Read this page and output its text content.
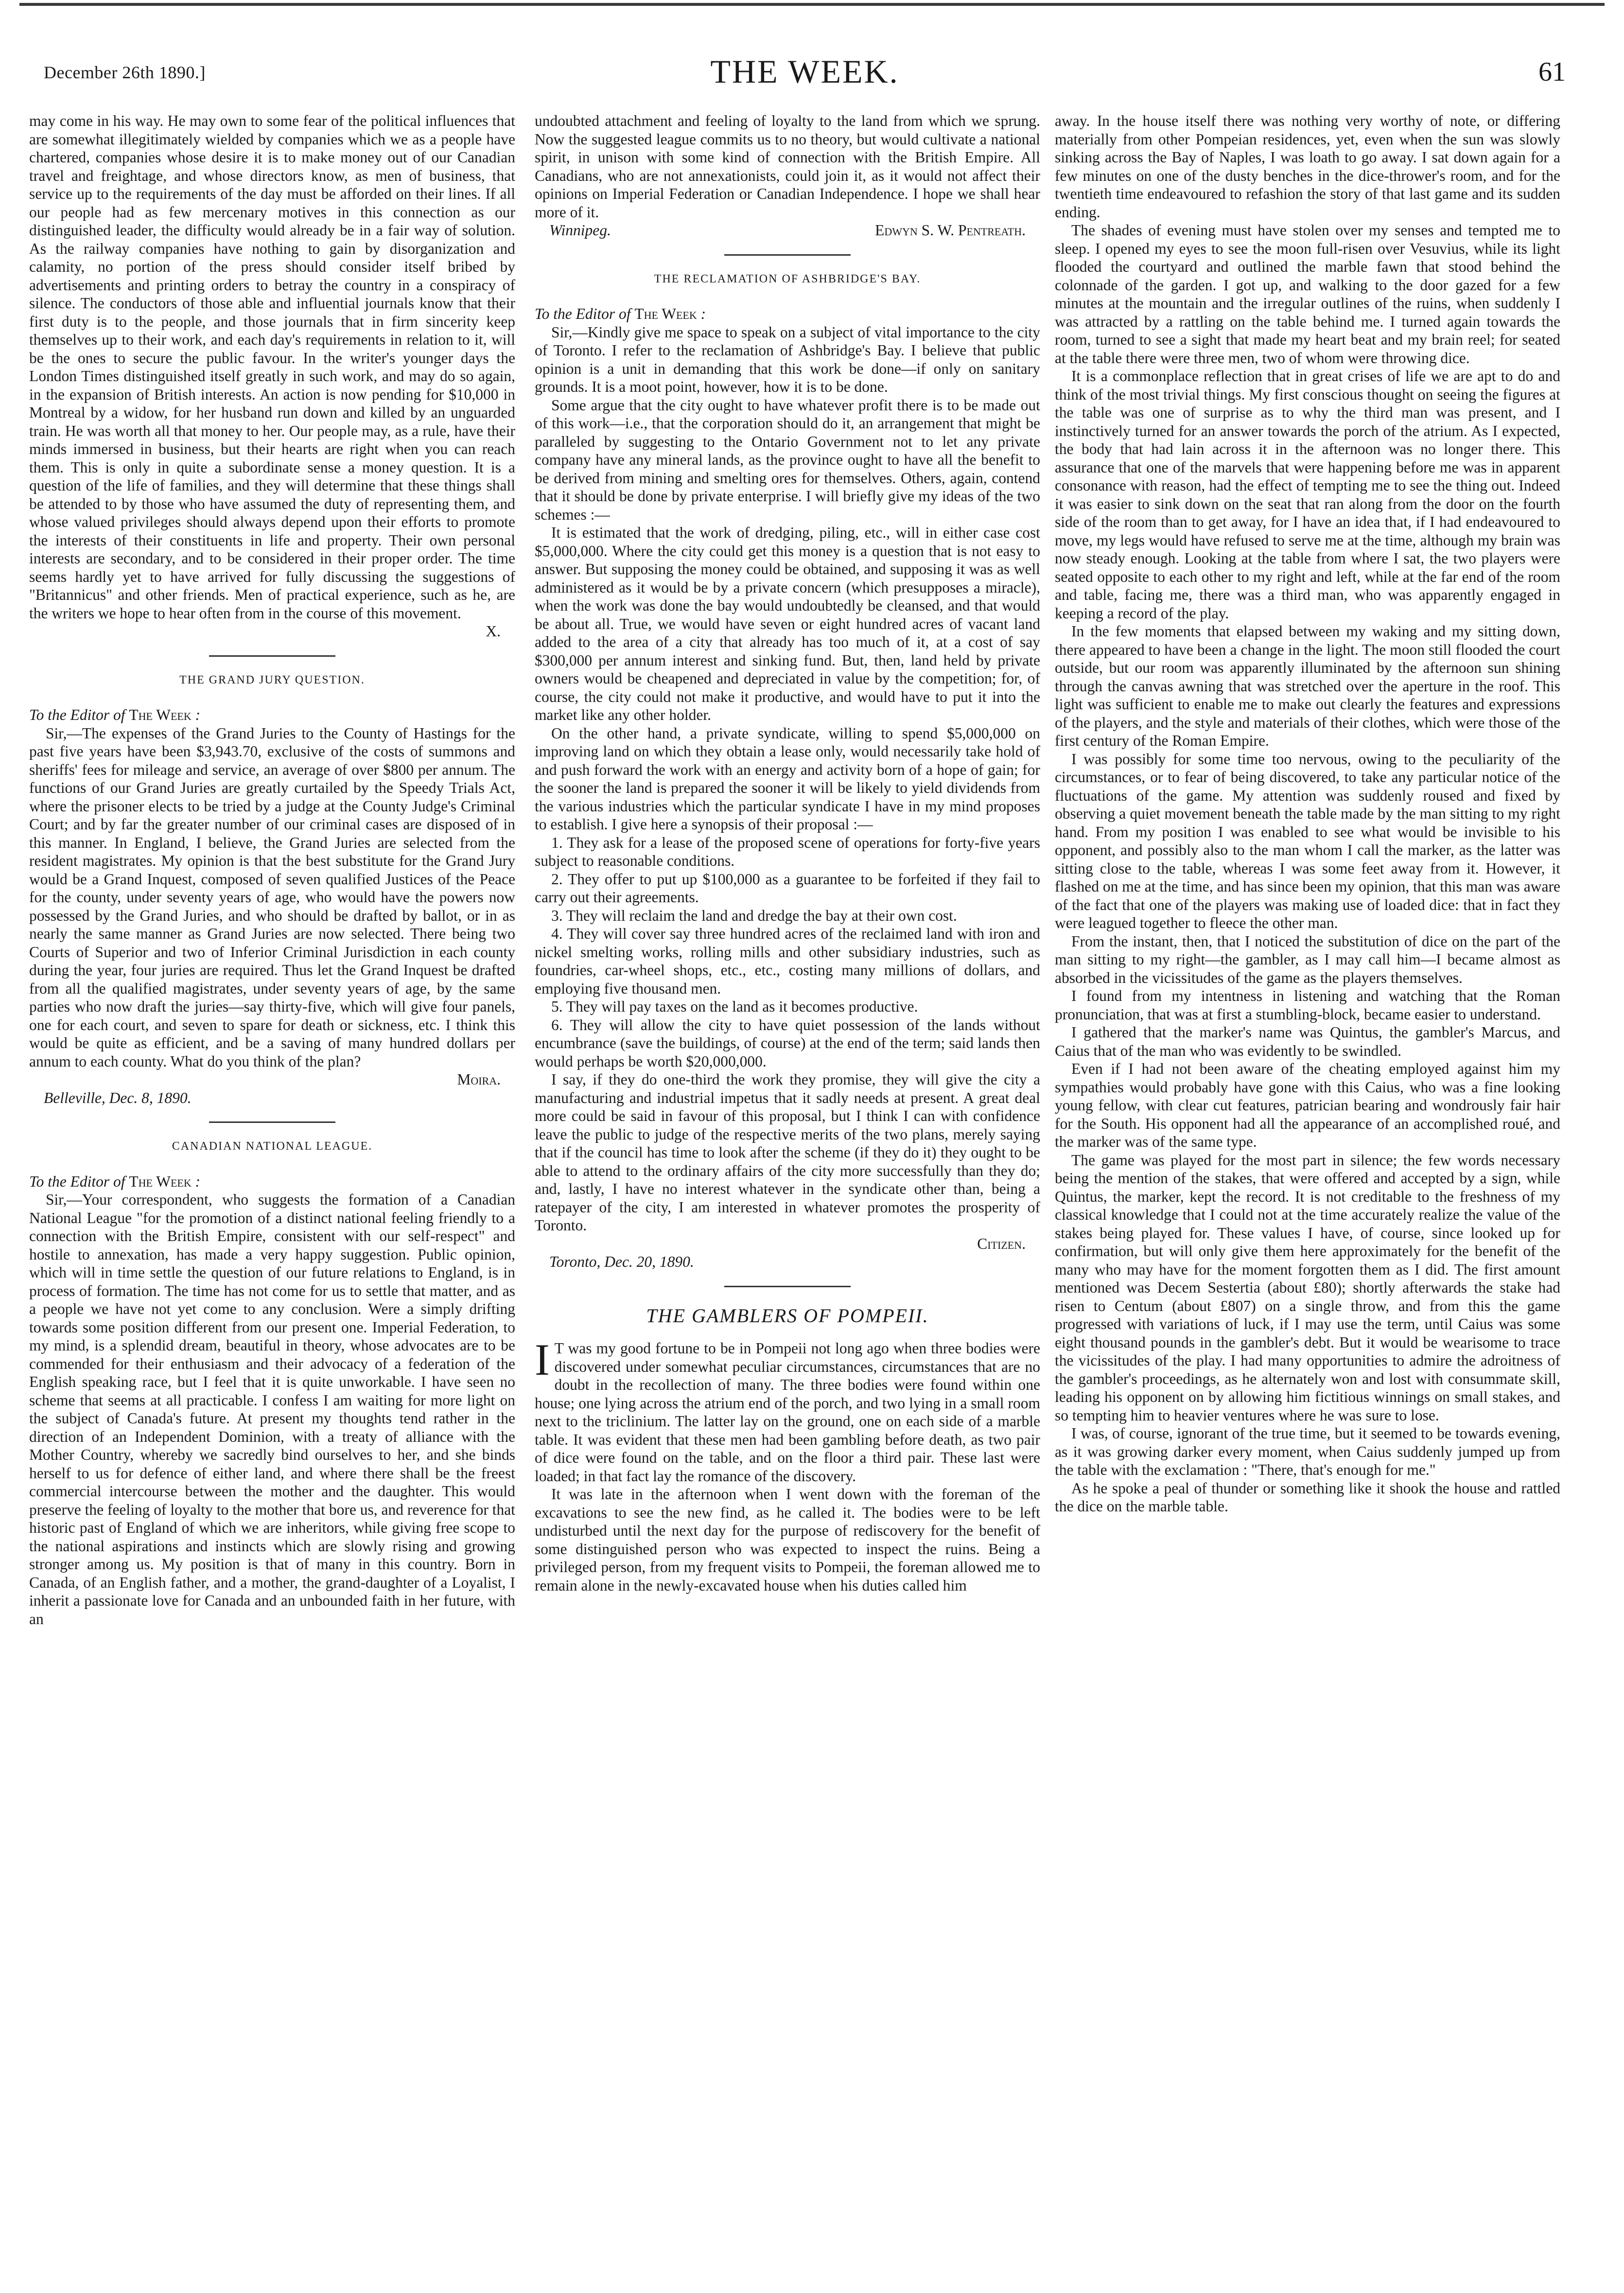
December 26th 1890.]	THE WEEK.	61

may come in his way. He may own to some fear of the political influences that are somewhat illegitimately wielded by companies which we as a people have chartered, companies whose desire it is to make money out of our Canadian travel and freightage, and whose directors know, as men of business, that service up to the requirements of the day must be afforded on their lines. If all our people had as few mercenary motives in this connection as our distinguished leader, the difficulty would already be in a fair way of solution. As the railway companies have nothing to gain by disorganization and calamity, no portion of the press should consider itself bribed by advertisements and printing orders to betray the country in a conspiracy of silence. The conductors of those able and influential journals know that their first duty is to the people, and those journals that in firm sincerity keep themselves up to their work, and each day's requirements in relation to it, will be the ones to secure the public favour. In the writer's younger days the London Times distinguished itself greatly in such work, and may do so again, in the expansion of British interests. An action is now pending for $10,000 in Montreal by a widow, for her husband run down and killed by an unguarded train. He was worth all that money to her. Our people may, as a rule, have their minds immersed in business, but their hearts are right when you can reach them. This is only in quite a subordinate sense a money question. It is a question of the life of families, and they will determine that these things shall be attended to by those who have assumed the duty of representing them, and whose valued privileges should always depend upon their efforts to promote the interests of their constituents in life and property. Their own personal interests are secondary, and to be considered in their proper order. The time seems hardly yet to have arrived for fully discussing the suggestions of "Britannicus" and other friends. Men of practical experience, such as he, are the writers we hope to hear often from in the course of this movement.

X.
THE GRAND JURY QUESTION.
To the Editor of The Week :

Sir,—The expenses of the Grand Juries to the County of Hastings for the past five years have been $3,943.70, exclusive of the costs of summons and sheriffs' fees for mileage and service, an average of over $800 per annum. The functions of our Grand Juries are greatly curtailed by the Speedy Trials Act, where the prisoner elects to be tried by a judge at the County Judge's Criminal Court; and by far the greater number of our criminal cases are disposed of in this manner. In England, I believe, the Grand Juries are selected from the resident magistrates. My opinion is that the best substitute for the Grand Jury would be a Grand Inquest, composed of seven qualified Justices of the Peace for the county, under seventy years of age, who would have the powers now possessed by the Grand Juries, and who should be drafted by ballot, or in as nearly the same manner as Grand Juries are now selected. There being two Courts of Superior and two of Inferior Criminal Jurisdiction in each county during the year, four juries are required. Thus let the Grand Inquest be drafted from all the qualified magistrates, under seventy years of age, by the same parties who now draft the juries—say thirty-five, which will give four panels, one for each court, and seven to spare for death or sickness, etc. I think this would be quite as efficient, and be a saving of many hundred dollars per annum to each county. What do you think of the plan?

Moira.
Belleville, Dec. 8, 1890.
CANADIAN NATIONAL LEAGUE.
To the Editor of The Week :

Sir,—Your correspondent, who suggests the formation of a Canadian National League "for the promotion of a distinct national feeling friendly to a connection with the British Empire, consistent with our self-respect" and hostile to annexation, has made a very happy suggestion. Public opinion, which will in time settle the question of our future relations to England, is in process of formation. The time has not come for us to settle that matter, and as a people we have not yet come to any conclusion. Were a simply drifting towards some position different from our present one. Imperial Federation, to my mind, is a splendid dream, beautiful in theory, whose advocates are to be commended for their enthusiasm and their advocacy of a federation of the English speaking race, but I feel that it is quite unworkable. I have seen no scheme that seems at all practicable. I confess I am waiting for more light on the subject of Canada's future. At present my thoughts tend rather in the direction of an Independent Dominion, with a treaty of alliance with the Mother Country, whereby we sacredly bind ourselves to her, and she binds herself to us for defence of either land, and where there shall be the freest commercial intercourse between the mother and the daughter. This would preserve the feeling of loyalty to the mother that bore us, and reverence for that historic past of England of which we are inheritors, while giving free scope to the national aspirations and instincts which are slowly rising and growing stronger among us. My position is that of many in this country. Born in Canada, of an English father, and a mother, the grand-daughter of a Loyalist, I inherit a passionate love for Canada and an unbounded faith in her future, with an

undoubted attachment and feeling of loyalty to the land from which we sprung. Now the suggested league commits us to no theory, but would cultivate a national spirit, in unison with some kind of connection with the British Empire. All Canadians, who are not annexationists, could join it, as it would not affect their opinions on Imperial Federation or Canadian Independence. I hope we shall hear more of it.

Winnipeg.	Edwyn S. W. Pentreath.
THE RECLAMATION OF ASHBRIDGE'S BAY.
To the Editor of The Week :

Sir,—Kindly give me space to speak on a subject of vital importance to the city of Toronto. I refer to the reclamation of Ashbridge's Bay. I believe that public opinion is a unit in demanding that this work be done—if only on sanitary grounds. It is a moot point, however, how it is to be done.

Some argue that the city ought to have whatever profit there is to be made out of this work—i.e., that the corporation should do it, an arrangement that might be paralleled by suggesting to the Ontario Government not to let any private company have any mineral lands, as the province ought to have all the benefit to be derived from mining and smelting ores for themselves. Others, again, contend that it should be done by private enterprise. I will briefly give my ideas of the two schemes :—

It is estimated that the work of dredging, piling, etc., will in either case cost $5,000,000. Where the city could get this money is a question that is not easy to answer. But supposing the money could be obtained, and supposing it was as well administered as it would be by a private concern (which presupposes a miracle), when the work was done the bay would undoubtedly be cleansed, and that would be about all. True, we would have seven or eight hundred acres of vacant land added to the area of a city that already has too much of it, at a cost of say $300,000 per annum interest and sinking fund. But, then, land held by private owners would be cheapened and depreciated in value by the competition; for, of course, the city could not make it productive, and would have to put it into the market like any other holder.

On the other hand, a private syndicate, willing to spend $5,000,000 on improving land on which they obtain a lease only, would necessarily take hold of and push forward the work with an energy and activity born of a hope of gain; for the sooner the land is prepared the sooner it will be likely to yield dividends from the various industries which the particular syndicate I have in my mind proposes to establish. I give here a synopsis of their proposal :—

1. They ask for a lease of the proposed scene of operations for forty-five years subject to reasonable conditions.

2. They offer to put up $100,000 as a guarantee to be forfeited if they fail to carry out their agreements.

3. They will reclaim the land and dredge the bay at their own cost.

4. They will cover say three hundred acres of the reclaimed land with iron and nickel smelting works, rolling mills and other subsidiary industries, such as foundries, car-wheel shops, etc., etc., costing many millions of dollars, and employing five thousand men.

5. They will pay taxes on the land as it becomes productive.

6. They will allow the city to have quiet possession of the lands without encumbrance (save the buildings, of course) at the end of the term; said lands then would perhaps be worth $20,000,000.

I say, if they do one-third the work they promise, they will give the city a manufacturing and industrial impetus that it sadly needs at present. A great deal more could be said in favour of this proposal, but I think I can with confidence leave the public to judge of the respective merits of the two plans, merely saying that if the council has time to look after the scheme (if they do it) they ought to be able to attend to the ordinary affairs of the city more successfully than they do; and, lastly, I have no interest whatever in the syndicate other than, being a ratepayer of the city, I am interested in whatever promotes the prosperity of Toronto.

Citizen.
Toronto, Dec. 20, 1890.
THE GAMBLERS OF POMPEII.

I T was my good fortune to be in Pompeii not long ago when three bodies were discovered under somewhat peculiar circumstances, circumstances that are no doubt in the recollection of many. The three bodies were found within one house; one lying across the atrium end of the porch, and two lying in a small room next to the triclinium. The latter lay on the ground, one on each side of a marble table. It was evident that these men had been gambling before death, as two pair of dice were found on the table, and on the floor a third pair. These last were loaded; in that fact lay the romance of the discovery.

It was late in the afternoon when I went down with the foreman of the excavations to see the new find, as he called it. The bodies were to be left undisturbed until the next day for the purpose of rediscovery for the benefit of some distinguished person who was expected to inspect the ruins. Being a privileged person, from my frequent visits to Pompeii, the foreman allowed me to remain alone in the newly-excavated house when his duties called him

away. In the house itself there was nothing very worthy of note, or differing materially from other Pompeian residences, yet, even when the sun was slowly sinking across the Bay of Naples, I was loath to go away. I sat down again for a few minutes on one of the dusty benches in the dice-thrower's room, and for the twentieth time endeavoured to refashion the story of that last game and its sudden ending.

The shades of evening must have stolen over my senses and tempted me to sleep. I opened my eyes to see the moon full-risen over Vesuvius, while its light flooded the courtyard and outlined the marble fawn that stood behind the colonnade of the garden. I got up, and walking to the door gazed for a few minutes at the mountain and the irregular outlines of the ruins, when suddenly I was attracted by a rattling on the table behind me. I turned again towards the room, turned to see a sight that made my heart beat and my brain reel; for seated at the table there were three men, two of whom were throwing dice.

It is a commonplace reflection that in great crises of life we are apt to do and think of the most trivial things. My first conscious thought on seeing the figures at the table was one of surprise as to why the third man was present, and I instinctively turned for an answer towards the porch of the atrium. As I expected, the body that had lain across it in the afternoon was no longer there. This assurance that one of the marvels that were happening before me was in apparent consonance with reason, had the effect of tempting me to see the thing out. Indeed it was easier to sink down on the seat that ran along from the door on the fourth side of the room than to get away, for I have an idea that, if I had endeavoured to move, my legs would have refused to serve me at the time, although my brain was now steady enough. Looking at the table from where I sat, the two players were seated opposite to each other to my right and left, while at the far end of the room and table, facing me, there was a third man, who was apparently engaged in keeping a record of the play.

In the few moments that elapsed between my waking and my sitting down, there appeared to have been a change in the light. The moon still flooded the court outside, but our room was apparently illuminated by the afternoon sun shining through the canvas awning that was stretched over the aperture in the roof. This light was sufficient to enable me to make out clearly the features and expressions of the players, and the style and materials of their clothes, which were those of the first century of the Roman Empire.

I was possibly for some time too nervous, owing to the peculiarity of the circumstances, or to fear of being discovered, to take any particular notice of the fluctuations of the game. My attention was suddenly roused and fixed by observing a quiet movement beneath the table made by the man sitting to my right hand. From my position I was enabled to see what would be invisible to his opponent, and possibly also to the man whom I call the marker, as the latter was sitting close to the table, whereas I was some feet away from it. However, it flashed on me at the time, and has since been my opinion, that this man was aware of the fact that one of the players was making use of loaded dice: that in fact they were leagued together to fleece the other man.

From the instant, then, that I noticed the substitution of dice on the part of the man sitting to my right—the gambler, as I may call him—I became almost as absorbed in the vicissitudes of the game as the players themselves.

I found from my intentness in listening and watching that the Roman pronunciation, that was at first a stumbling-block, became easier to understand.

I gathered that the marker's name was Quintus, the gambler's Marcus, and Caius that of the man who was evidently to be swindled.

Even if I had not been aware of the cheating employed against him my sympathies would probably have gone with this Caius, who was a fine looking young fellow, with clear cut features, patrician bearing and wondrously fair hair for the South. His opponent had all the appearance of an accomplished roué, and the marker was of the same type.

The game was played for the most part in silence; the few words necessary being the mention of the stakes, that were offered and accepted by a sign, while Quintus, the marker, kept the record. It is not creditable to the freshness of my classical knowledge that I could not at the time accurately realize the value of the stakes being played for. These values I have, of course, since looked up for confirmation, but will only give them here approximately for the benefit of the many who may have for the moment forgotten them as I did. The first amount mentioned was Decem Sestertia (about £80); shortly afterwards the stake had risen to Centum (about £807) on a single throw, and from this the game progressed with variations of luck, if I may use the term, until Caius was some eight thousand pounds in the gambler's debt. But it would be wearisome to trace the vicissitudes of the play. I had many opportunities to admire the adroitness of the gambler's proceedings, as he alternately won and lost with consummate skill, leading his opponent on by allowing him fictitious winnings on small stakes, and so tempting him to heavier ventures where he was sure to lose.

I was, of course, ignorant of the true time, but it seemed to be towards evening, as it was growing darker every moment, when Caius suddenly jumped up from the table with the exclamation : "There, that's enough for me."

As he spoke a peal of thunder or something like it shook the house and rattled the dice on the marble table.
